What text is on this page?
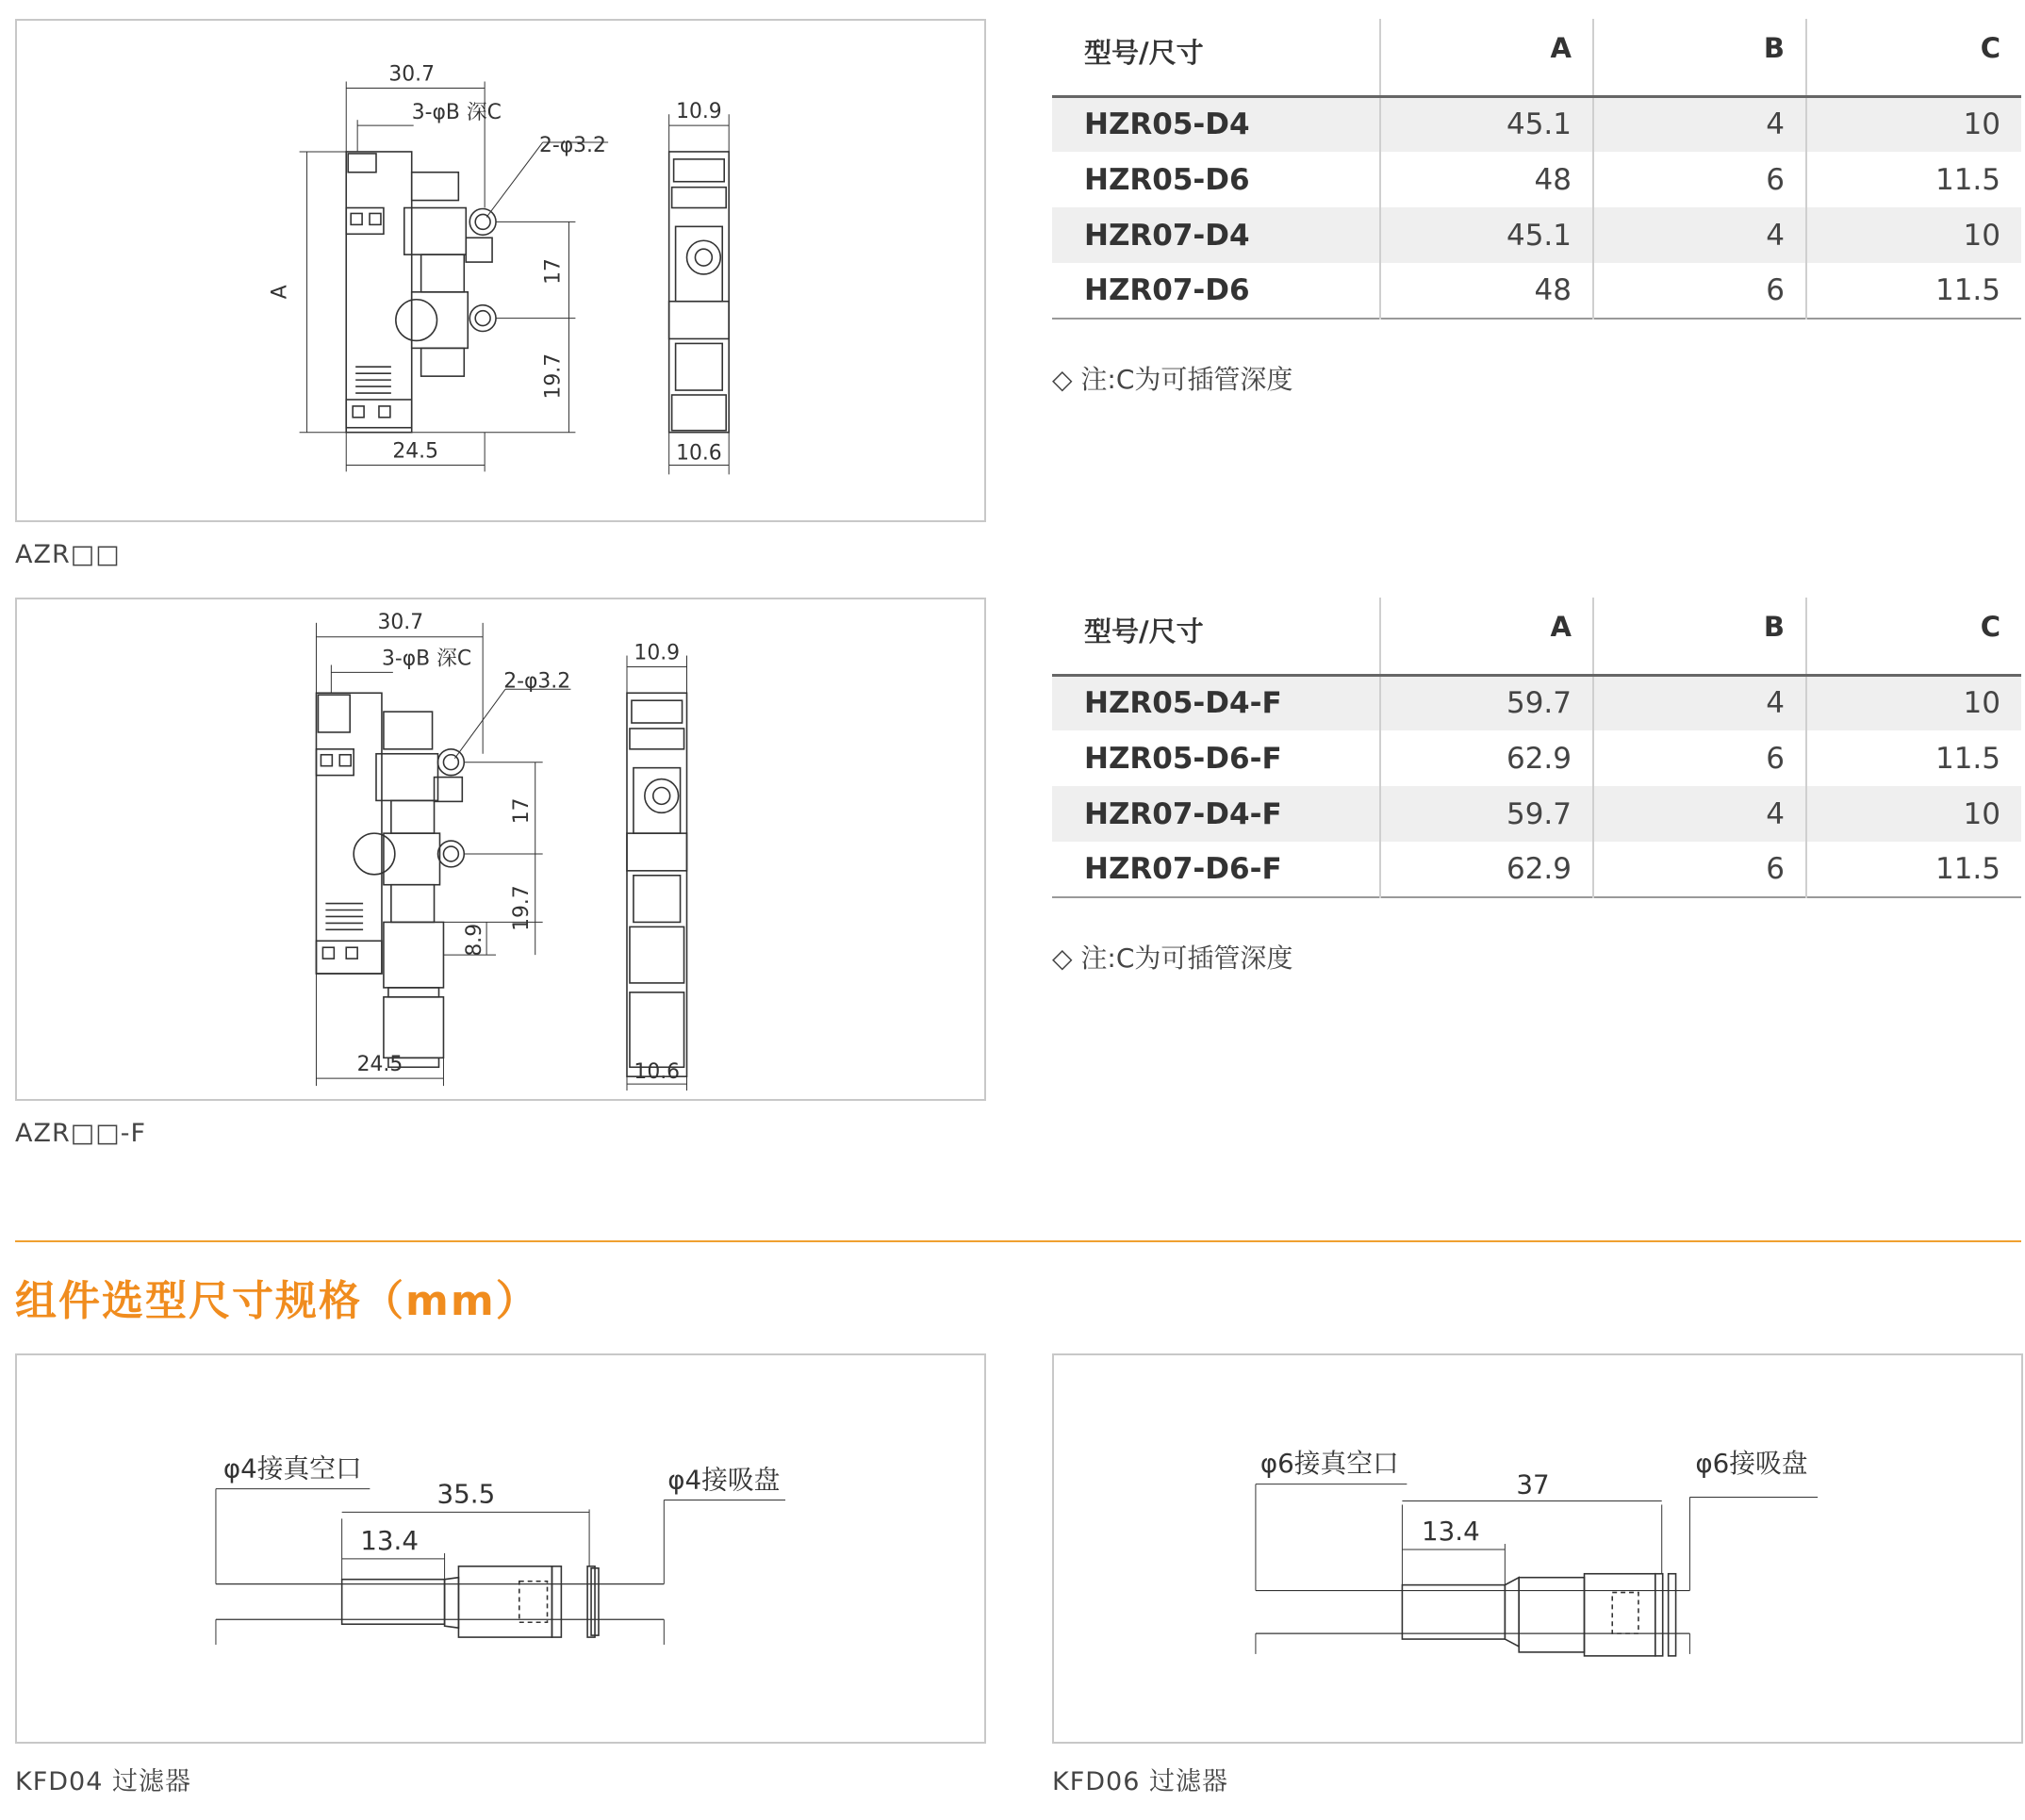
30.7
3-φB 深C
2-φ3.2
10.9
A
17
19.7
24.5	10.6
AZR□□
型号/尺寸	A	B	C
HZR05-D4	45.1	4	10
HZR05-D6	48	6	11.5
HZR07-D4	45.1	4	10
HZR07-D6	48	6	11.5
◇ 注:C为可插管深度
30.7
3-φB 深C
2-φ3.2
10.9
17
19.7
8.9
24.5	10.6
AZR□□-F
型号/尺寸	A	B	C
HZR05-D4-F	59.7	4	10
HZR05-D6-F	62.9	6	11.5
HZR07-D4-F	59.7	4	10
HZR07-D6-F	62.9	6	11.5
◇ 注:C为可插管深度
组件选型尺寸规格（mm）
φ4接真空口	φ4接吸盘
35.5
13.4
KFD04 过滤器
φ6接真空口	φ6接吸盘
37
13.4
KFD06 过滤器
